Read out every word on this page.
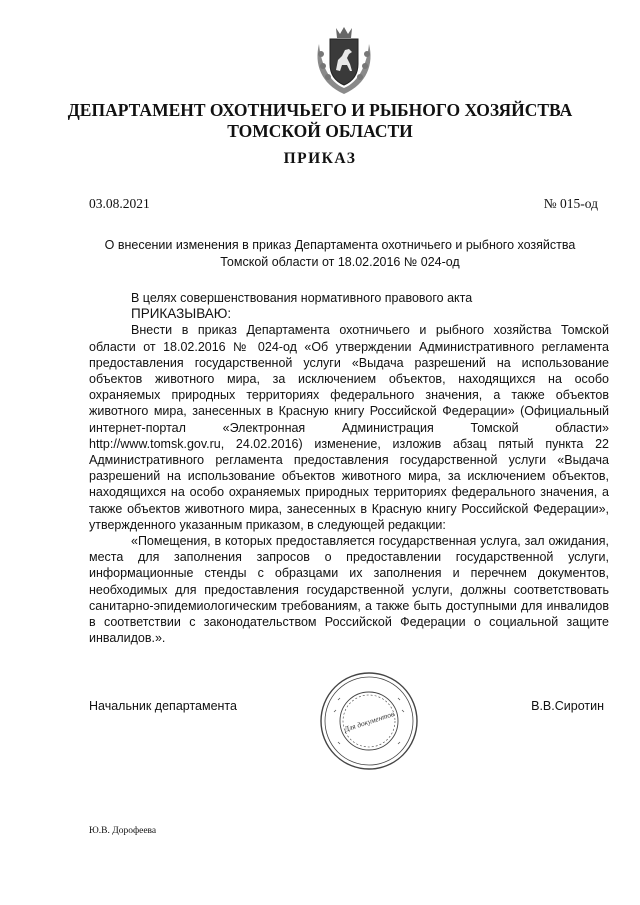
ДЕПАРТАМЕНТ ОХОТНИЧЬЕГО И РЫБНОГО ХОЗЯЙСТВА
ТОМСКОЙ ОБЛАСТИ
ПРИКАЗ
03.08.2021	№ 015-од
О внесении изменения в приказ Департамента охотничьего и рыбного хозяйства
Томской области от 18.02.2016 № 024-од

В целях совершенствования нормативного правового акта

ПРИКАЗЫВАЮ:

Внести в приказ Департамента охотничьего и рыбного хозяйства Томской области от 18.02.2016 № 024-од «Об утверждении Административного регламента предоставления государственной услуги «Выдача разрешений на использование объектов животного мира, за исключением объектов, находящихся на особо охраняемых природных территориях федерального значения, а также объектов животного мира, занесенных в Красную книгу Российской Федерации» (Официальный интернет-портал «Электронная Администрация Томской области» http://www.tomsk.gov.ru, 24.02.2016) изменение, изложив абзац пятый пункта 22 Административного регламента предоставления государственной услуги «Выдача разрешений на использование объектов животного мира, за исключением объектов, находящихся на особо охраняемых природных территориях федерального значения, а также объектов животного мира, занесенных в Красную книгу Российской Федерации», утвержденного указанным приказом, в следующей редакции:

«Помещения, в которых предоставляется государственная услуга, зал ожидания, места для заполнения запросов о предоставлении государственной услуги, информационные стенды с образцами их заполнения и перечнем документов, необходимых для предоставления государственной услуги, должны соответствовать санитарно-эпидемиологическим требованиям, а также быть доступными для инвалидов в соответствии с законодательством Российской Федерации о социальной защите инвалидов.».

Начальник департамента
Для документов
В.В.Сиротин
Ю.В. Дорофеева
